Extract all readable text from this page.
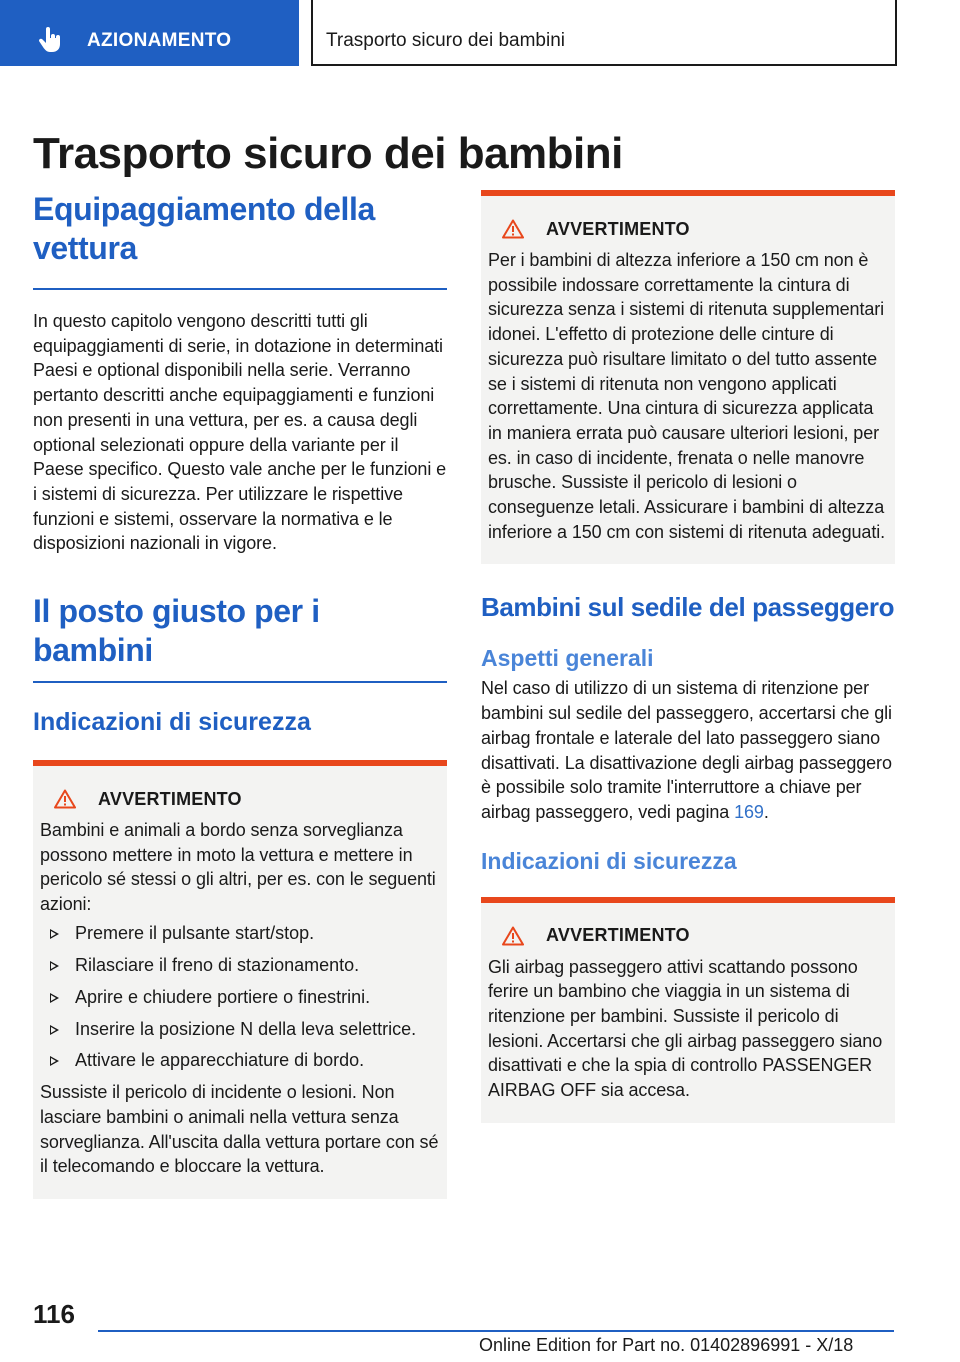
AZIONAMENTO	Trasporto sicuro dei bambini
Trasporto sicuro dei bambini
Equipaggiamento della vettura

In questo capitolo vengono descritti tutti gli equipaggiamenti di serie, in dotazione in determinati Paesi e optional disponibili nella serie. Verranno pertanto descritti anche equipaggiamenti e funzioni non presenti in una vettura, per es. a causa degli optional selezionati oppure della variante per il Paese specifico. Questo vale anche per le funzioni e i sistemi di sicurezza. Per utilizzare le rispettive funzioni e sistemi, osservare la normativa e le disposizioni nazionali in vigore.

Il posto giusto per i bambini
Indicazioni di sicurezza
AVVERTIMENTO

Bambini e animali a bordo senza sorveglianza possono mettere in moto la vettura e mettere in pericolo sé stessi o gli altri, per es. con le seguenti azioni:

Premere il pulsante start/stop.
Rilasciare il freno di stazionamento.
Aprire e chiudere portiere o finestrini.
Inserire la posizione N della leva selettrice.
Attivare le apparecchiature di bordo.

Sussiste il pericolo di incidente o lesioni. Non lasciare bambini o animali nella vettura senza sorveglianza. All'uscita dalla vettura portare con sé il telecomando e bloccare la vettura.

AVVERTIMENTO

Per i bambini di altezza inferiore a 150 cm non è possibile indossare correttamente la cintura di sicurezza senza i sistemi di ritenuta supplementari idonei. L'effetto di protezione delle cinture di sicurezza può risultare limitato o del tutto assente se i sistemi di ritenuta non vengono applicati correttamente. Una cintura di sicurezza applicata in maniera errata può causare ulteriori lesioni, per es. in caso di incidente, frenata o nelle manovre brusche. Sussiste il pericolo di lesioni o conseguenze letali. Assicurare i bambini di altezza inferiore a 150 cm con sistemi di ritenuta adeguati.

Bambini sul sedile del passeggero
Aspetti generali

Nel caso di utilizzo di un sistema di ritenzione per bambini sul sedile del passeggero, accertarsi che gli airbag frontale e laterale del lato passeggero siano disattivati. La disattivazione degli airbag passeggero è possibile solo tramite l'interruttore a chiave per airbag passeggero, vedi pagina 169.

Indicazioni di sicurezza
AVVERTIMENTO

Gli airbag passeggero attivi scattando possono ferire un bambino che viaggia in un sistema di ritenzione per bambini. Sussiste il pericolo di lesioni. Accertarsi che gli airbag passeggero siano disattivati e che la spia di controllo PASSENGER AIRBAG OFF sia accesa.

116
Online Edition for Part no. 01402896991 - X/18
